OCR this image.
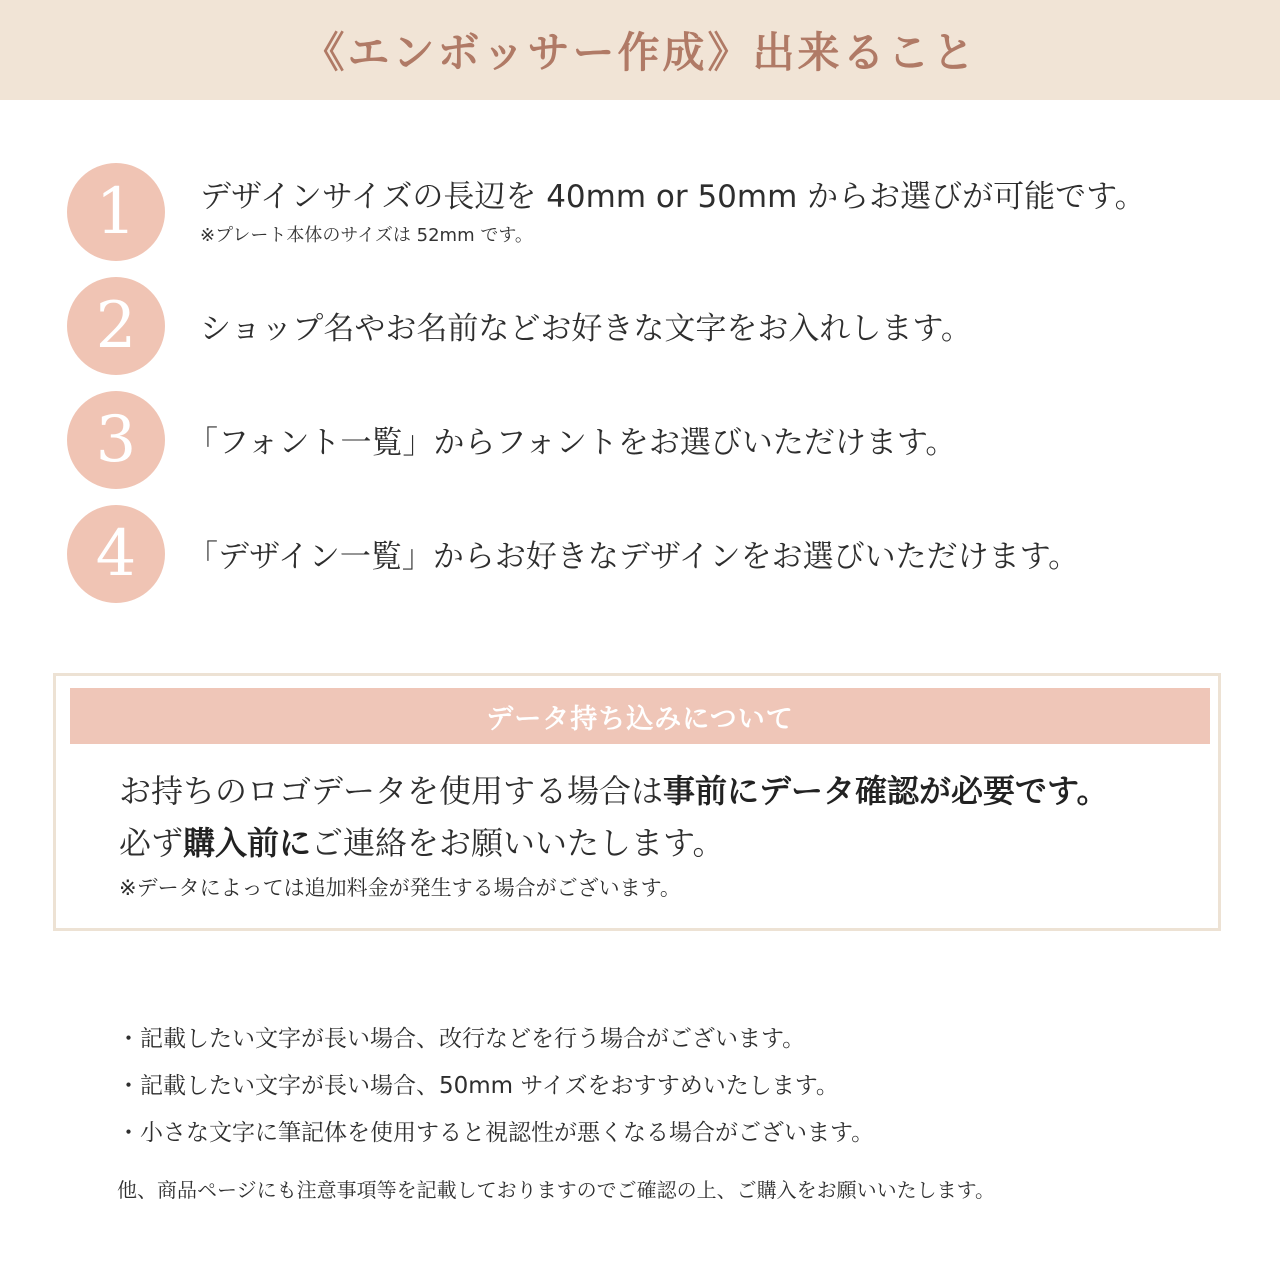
《エンボッサー作成》出来ること
1	デザインサイズの長辺を 40mm or 50mm からお選びが可能です。
※プレート本体のサイズは 52mm です。
2	ショップ名やお名前などお好きな文字をお入れします。
3	「フォント一覧」からフォントをお選びいただけます。
4	「デザイン一覧」からお好きなデザインをお選びいただけます。
データ持ち込みについて
お持ちのロゴデータを使用する場合は事前にデータ確認が必要です。
必ず購入前にご連絡をお願いいたします。
※データによっては追加料金が発生する場合がございます。
・記載したい文字が長い場合、改行などを行う場合がございます。
・記載したい文字が長い場合、50mm サイズをおすすめいたします。
・小さな文字に筆記体を使用すると視認性が悪くなる場合がございます。
他、商品ページにも注意事項等を記載しておりますのでご確認の上、ご購入をお願いいたします。
